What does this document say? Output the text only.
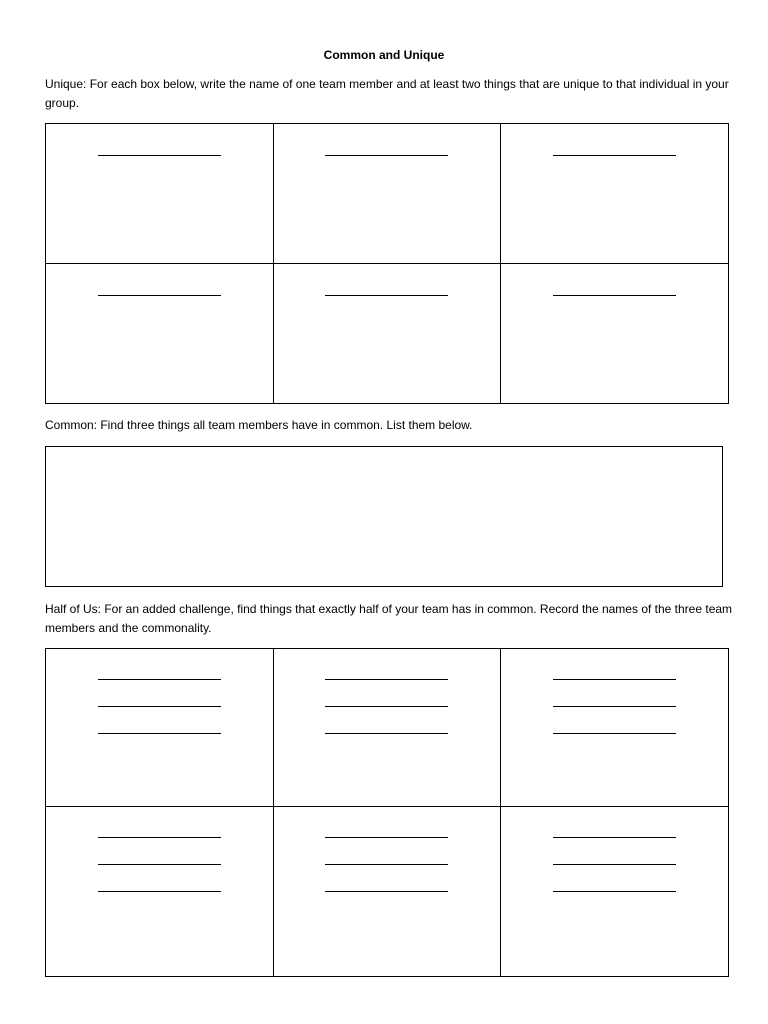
Common and Unique
Unique: For each box below, write the name of one team member and at least two things that are unique to that individual in your group.

Common: Find three things all team members have in common. List them below.
Half of Us: For an added challenge, find things that exactly half of your team has in common. Record the names of the three team members and the commonality.
